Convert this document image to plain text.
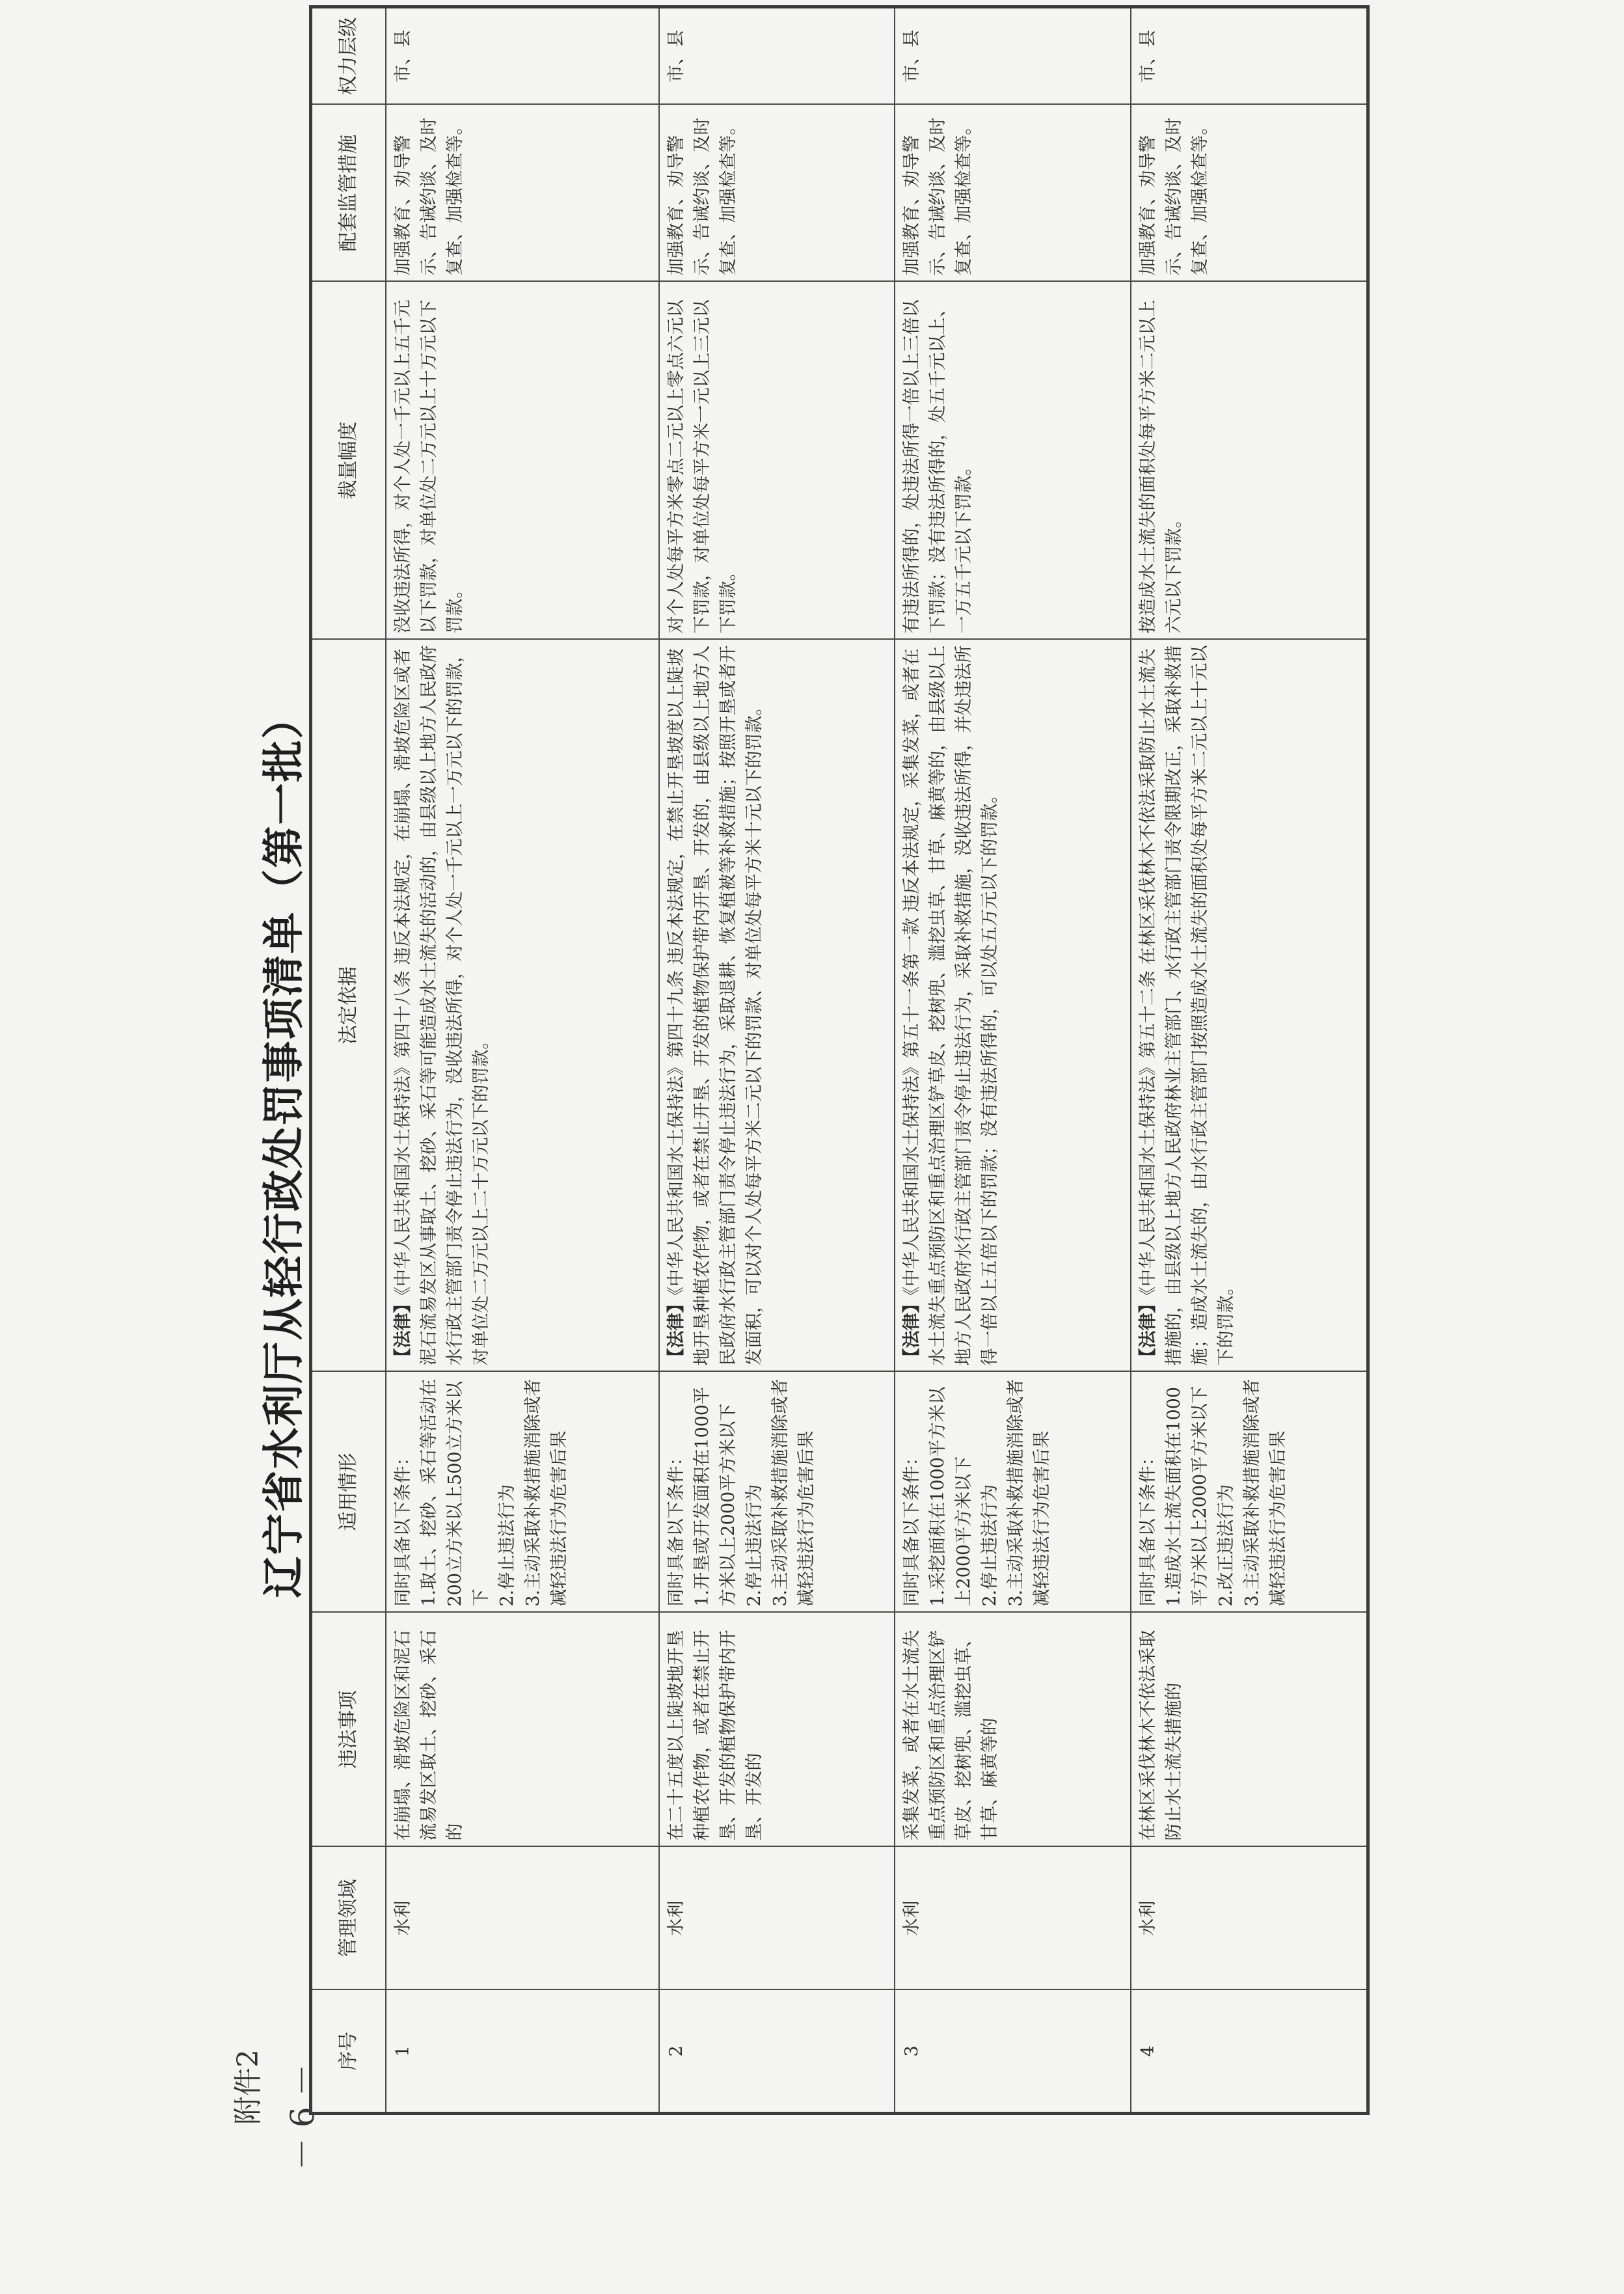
－ 6 －
附件2
辽宁省水利厅从轻行政处罚事项清单（第一批）
序号	管理领域	违法事项	适用情形	法定依据	裁量幅度	配套监管措施	权力层级
1	水利	在崩塌、滑坡危险区和泥石流易发区取土、挖砂、采石的	同时具备以下条件：
1.取土、挖砂、采石等活动在200立方米以上500立方米以下
2.停止违法行为
3.主动采取补救措施消除或者减轻违法行为危害后果	【法律】《中华人民共和国水土保持法》第四十八条 违反本法规定，在崩塌、滑坡危险区或者泥石流易发区从事取土、挖砂、采石等可能造成水土流失的活动的，由县级以上地方人民政府水行政主管部门责令停止违法行为，没收违法所得，对个人处一千元以上一万元以下的罚款，对单位处二万元以上二十万元以下的罚款。	没收违法所得，对个人处一千元以上五千元以下罚款，对单位处二万元以上十万元以下罚款。	加强教育、劝导警示、告诫约谈、及时复查、加强检查等。	市、县
2	水利	在二十五度以上陡坡地开垦种植农作物，或者在禁止开垦、开发的植物保护带内开垦、开发的	同时具备以下条件：
1.开垦或开发面积在1000平方米以上2000平方米以下
2.停止违法行为
3.主动采取补救措施消除或者减轻违法行为危害后果	【法律】《中华人民共和国水土保持法》第四十九条 违反本法规定，在禁止开垦坡度以上陡坡地开垦种植农作物，或者在禁止开垦、开发的植物保护带内开垦、开发的，由县级以上地方人民政府水行政主管部门责令停止违法行为，采取退耕、恢复植被等补救措施；按照开垦或者开发面积，可以对个人处每平方米二元以下的罚款、对单位处每平方米十元以下的罚款。	对个人处每平方米零点二元以上零点六元以下罚款，对单位处每平方米一元以上三元以下罚款。	加强教育、劝导警示、告诫约谈、及时复查、加强检查等。	市、县
3	水利	采集发菜，或者在水土流失重点预防区和重点治理区铲草皮、挖树兜、滥挖虫草、甘草、麻黄等的	同时具备以下条件：
1.采挖面积在1000平方米以上2000平方米以下
2.停止违法行为
3.主动采取补救措施消除或者减轻违法行为危害后果	【法律】《中华人民共和国水土保持法》第五十一条第一款 违反本法规定，采集发菜，或者在水土流失重点预防区和重点治理区铲草皮、挖树兜、滥挖虫草、甘草、麻黄等的，由县级以上地方人民政府水行政主管部门责令停止违法行为，采取补救措施，没收违法所得，并处违法所得一倍以上五倍以下的罚款；没有违法所得的，可以处五万元以下的罚款。	有违法所得的，处违法所得一倍以上三倍以下罚款；没有违法所得的，处五千元以上、一万五千元以下罚款。	加强教育、劝导警示、告诫约谈、及时复查、加强检查等。	市、县
4	水利	在林区采伐林木不依法采取防止水土流失措施的	同时具备以下条件：
1.造成水土流失面积在1000平方米以上2000平方米以下
2.改正违法行为
3.主动采取补救措施消除或者减轻违法行为危害后果	【法律】《中华人民共和国水土保持法》第五十二条 在林区采伐林木不依法采取防止水土流失措施的，由县级以上地方人民政府林业主管部门、水行政主管部门责令限期改正，采取补救措施；造成水土流失的，由水行政主管部门按照造成水土流失的面积处每平方米二元以上十元以下的罚款。	按造成水土流失的面积处每平方米二元以上六元以下罚款。	加强教育、劝导警示、告诫约谈、及时复查、加强检查等。	市、县
